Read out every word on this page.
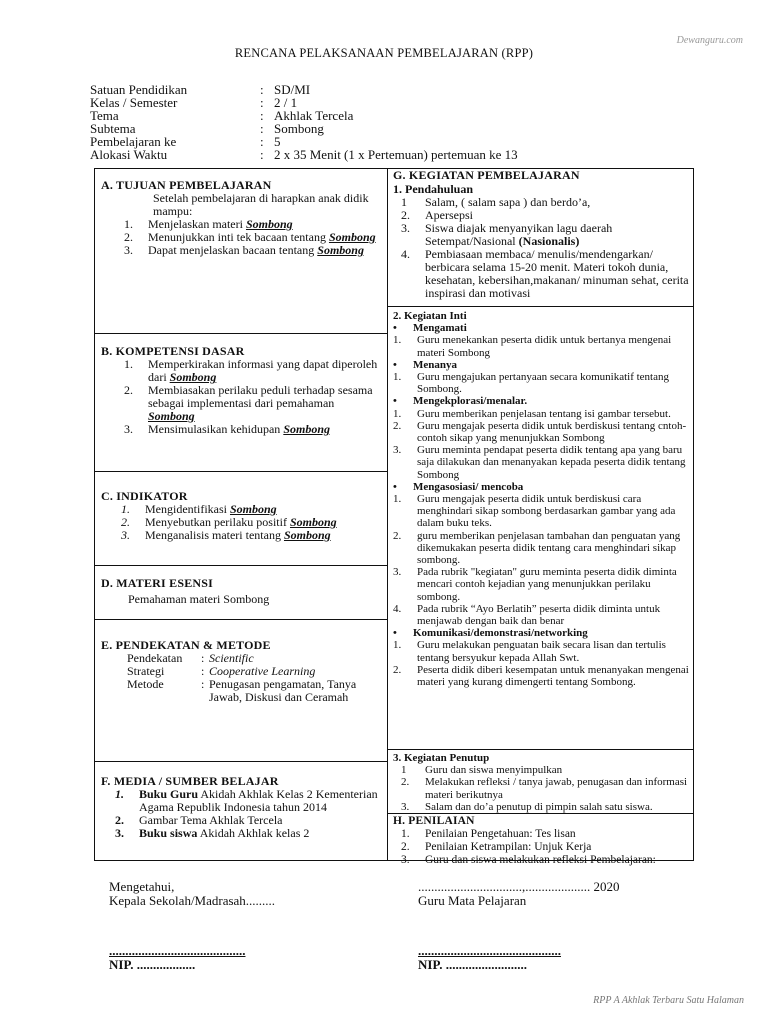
Dewanguru.com
RENCANA PELAKSANAAN PEMBELAJARAN (RPP)
Satuan Pendidikan	: SD/MI
Kelas / Semester	: 2 / 1
Tema	: Akhlak Tercela
Subtema	: Sombong
Pembelajaran ke	: 5
Alokasi Waktu	: 2 x 35 Menit (1 x Pertemuan) pertemuan ke 13
A. TUJUAN PEMBELAJARAN
Setelah pembelajaran di harapkan anak didik mampu:
1.	Menjelaskan materi Sombong
2.	Menunjukkan inti tek bacaan tentang Sombong
3.	Dapat menjelaskan bacaan tentang Sombong
B. KOMPETENSI DASAR
1.	Memperkirakan informasi yang dapat diperoleh dari Sombong
2.	Membiasakan perilaku peduli terhadap sesama sebagai implementasi dari pemahaman Sombong
3.	Mensimulasikan kehidupan Sombong
C. INDIKATOR
1.	Mengidentifikasi Sombong
2.	Menyebutkan perilaku positif Sombong
3.	Menganalisis materi tentang Sombong
D. MATERI ESENSI
Pemahaman materi Sombong
E. PENDEKATAN & METODE
Pendekatan	: Scientific
Strategi	: Cooperative Learning
Metode	: Penugasan pengamatan, Tanya Jawab, Diskusi dan Ceramah
F. MEDIA / SUMBER BELAJAR
1.	Buku Guru Akidah Akhlak Kelas 2 Kementerian Agama Republik Indonesia tahun 2014
2.	Gambar Tema Akhlak Tercela
3.	Buku siswa Akidah Akhlak kelas 2
G. KEGIATAN PEMBELAJARAN
1. Pendahuluan
1	Salam, ( salam sapa ) dan berdo’a,
2.	Apersepsi
3.	Siswa diajak menyanyikan lagu daerah Setempat/Nasional (Nasionalis)
4.	Pembiasaan membaca/ menulis/mendengarkan/ berbicara selama 15-20 menit. Materi tokoh dunia, kesehatan, kebersihan,makanan/ minuman sehat, cerita inspirasi dan motivasi
2. Kegiatan Inti
•	Mengamati
1.	Guru menekankan peserta didik untuk bertanya mengenai materi Sombong
•	Menanya
1.	Guru mengajukan pertanyaan secara komunikatif tentang Sombong.
•	Mengekplorasi/menalar.
1.	Guru memberikan penjelasan tentang isi gambar tersebut.
2.	Guru mengajak peserta didik untuk berdiskusi tentang cntoh-contoh sikap yang menunjukkan Sombong
3.	Guru meminta pendapat peserta didik tentang apa yang baru saja dilakukan dan menanyakan kepada peserta didik tentang Sombong
•	Mengasosiasi/ mencoba
1.	Guru mengajak peserta didik untuk berdiskusi cara menghindari sikap sombong berdasarkan gambar yang ada dalam buku teks.
2.	guru memberikan penjelasan tambahan dan penguatan yang dikemukakan peserta didik tentang cara menghindari sikap sombong.
3.	Pada rubrik "kegiatan" guru meminta peserta didik diminta mencari contoh kejadian yang menunjukkan perilaku sombong.
4.	Pada rubrik “Ayo Berlatih” peserta didik diminta untuk menjawab dengan baik dan benar
•	Komunikasi/demonstrasi/networking
1.	Guru melakukan penguatan baik secara lisan dan tertulis tentang bersyukur kepada Allah Swt.
2.	Peserta didik diberi kesempatan untuk menanyakan mengenai materi yang kurang dimengerti tentang Sombong.
3. Kegiatan Penutup
1	Guru dan siswa menyimpulkan
2.	Melakukan refleksi / tanya jawab, penugasan dan informasi materi berikutnya
3.	Salam dan do’a penutup di pimpin salah satu siswa.
H. PENILAIAN
1.	Penilaian Pengetahuan: Tes lisan
2.	Penilaian Ketrampilan: Unjuk Kerja
3.	Guru dan siswa melakukan refleksi Pembelajaran:
Mengetahui,
Kepala Sekolah/Madrasah.........
................................,.................... 2020
Guru Mata Pelajaran
..........................................
NIP. ..................
............................................
NIP. .........................
RPP A Akhlak Terbaru Satu Halaman
